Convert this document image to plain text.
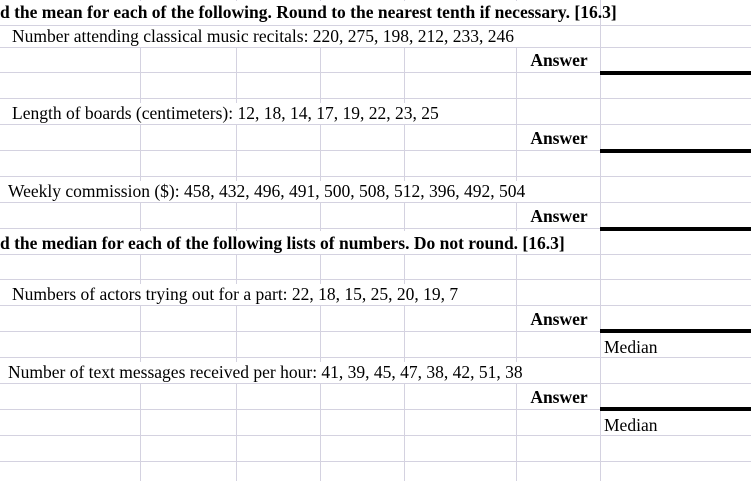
d the mean for each of the following. Round to the nearest tenth if necessary. [16.3]
Number attending classical music recitals: 220, 275, 198, 212, 233, 246
Answer
Length of boards (centimeters): 12, 18, 14, 17, 19, 22, 23, 25
Answer
Weekly commission ($): 458, 432, 496, 491, 500, 508, 512, 396, 492, 504
Answer
d the median for each of the following lists of numbers. Do not round. [16.3]
Numbers of actors trying out for a part: 22, 18, 15, 25, 20, 19, 7
Answer
Median
Number of text messages received per hour: 41, 39, 45, 47, 38, 42, 51, 38
Answer
Median
